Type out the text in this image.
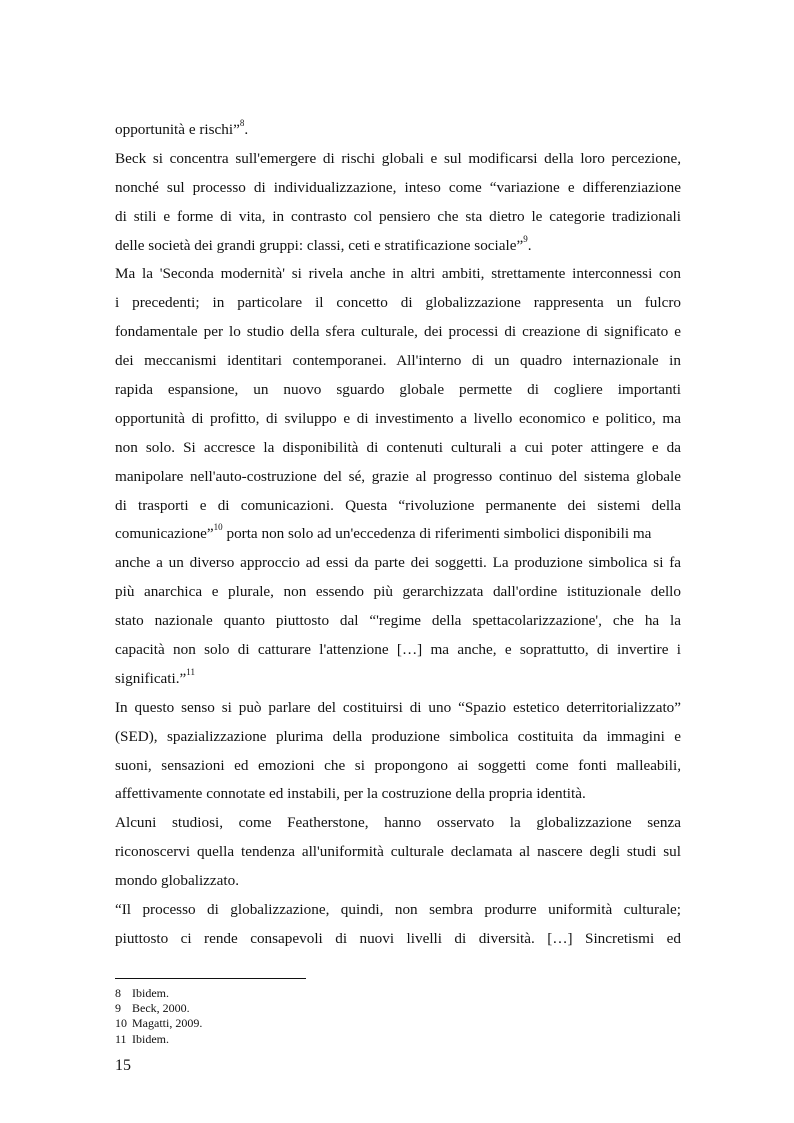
opportunità e rischi”$^8$.
Beck si concentra sull'emergere di rischi globali e sul modificarsi della loro percezione,
nonché sul processo di individualizzazione, inteso come “variazione e differenziazione
di stili e forme di vita, in contrasto col pensiero che sta dietro le categorie tradizionali
delle società dei grandi gruppi: classi, ceti e stratificazione sociale”$^9$.
Ma la 'Seconda modernità' si rivela anche in altri ambiti, strettamente interconnessi con
i precedenti; in particolare il concetto di globalizzazione rappresenta un fulcro
fondamentale per lo studio della sfera culturale, dei processi di creazione di significato e
dei meccanismi identitari contemporanei. All'interno di un quadro internazionale in
rapida espansione, un nuovo sguardo globale permette di cogliere importanti
opportunità di profitto, di sviluppo e di investimento a livello economico e politico, ma
non solo. Si accresce la disponibilità di contenuti culturali a cui poter attingere e da
manipolare nell'auto-costruzione del sé, grazie al progresso continuo del sistema globale
di trasporti e di comunicazioni. Questa “rivoluzione permanente dei sistemi della
comunicazione”$^{10}$ porta non solo ad un'eccedenza di riferimenti simbolici disponibili ma
anche a un diverso approccio ad essi da parte dei soggetti. La produzione simbolica si fa
più anarchica e plurale, non essendo più gerarchizzata dall'ordine istituzionale dello
stato nazionale quanto piuttosto dal “'regime della spettacolarizzazione', che ha la
capacità non solo di catturare l'attenzione […] ma anche, e soprattutto, di invertire i
significati.”$^{11}$
In questo senso si può parlare del costituirsi di uno “Spazio estetico deterritorializzato”
(SED), spazializzazione plurima della produzione simbolica costituita da immagini e
suoni, sensazioni ed emozioni che si propongono ai soggetti come fonti malleabili,
affettivamente connotate ed instabili, per la costruzione della propria identità.
Alcuni studiosi, come Featherstone, hanno osservato la globalizzazione senza
riconoscervi quella tendenza all'uniformità culturale declamata al nascere degli studi sul
mondo globalizzato.
“Il processo di globalizzazione, quindi, non sembra produrre uniformità culturale;
piuttosto ci rende consapevoli di nuovi livelli di diversità. […] Sincretismi ed
8 Ibidem.
9 Beck, 2000.
10 Magatti, 2009.
11 Ibidem.
15
